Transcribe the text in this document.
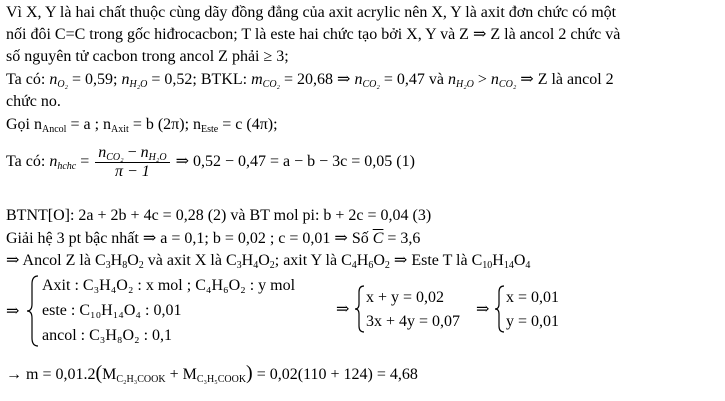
Vì X, Y là hai chất thuộc cùng dãy đồng đẳng của axit acrylic nên X, Y là axit đơn chức có một
nối đôi C=C trong gốc hiđrocacbon; T là este hai chức tạo bởi X, Y và Z ⇒ Z là ancol 2 chức và
số nguyên tử cacbon trong ancol Z phải ≥ 3;
Ta có: $n_{O_2} = 0,59$; $n_{H_2O} = 0,52$; BTKL: $m_{CO_2} = 20,68$ ⇒ $n_{CO_2} = 0,47$ và $n_{H_2O} > n_{CO_2}$ ⇒ Z là ancol 2
chức no.
Gọi $n_{Ancol} = a$ ; $n_{Axit} = b$ (2π); $n_{Este} = c$ (4π);
Ta có: $n_{hchc} = \frac{n_{CO_2} - n_{H_2O}}{\pi - 1}$ ⇒ 0,52 − 0,47 = a − b − 3c = 0,05 (1)
BTNT[O]: 2a + 2b + 4c = 0,28 (2) và BT mol pi: b + 2c = 0,04 (3)
Giải hệ 3 pt bậc nhất ⇒ a = 0,1; b = 0,02 ; c = 0,01 ⇒ Số $\overline{C} = 3,6$
⇒ Ancol Z là $C_3H_8O_2$ và axit X là $C_3H_4O_2$; axit Y là $C_4H_6O_2$ ⇒ Este T là $C_{10}H_{14}O_4$
⇒
Axit : C₃H₄O₂ : x mol ; C₄H₆O₂ : y mol
este : C₁₀H₁₄O₄ : 0,01
ancol : C₃H₈O₂ : 0,1
⇒
x + y = 0,02
3x + 4y = 0,07
⇒
x = 0,01
y = 0,01
→ $m = 0,01.2(M_{C_2H_3COOK} + M_{C_3H_5COOK}) = 0,02(110 + 124) = 4,68$
